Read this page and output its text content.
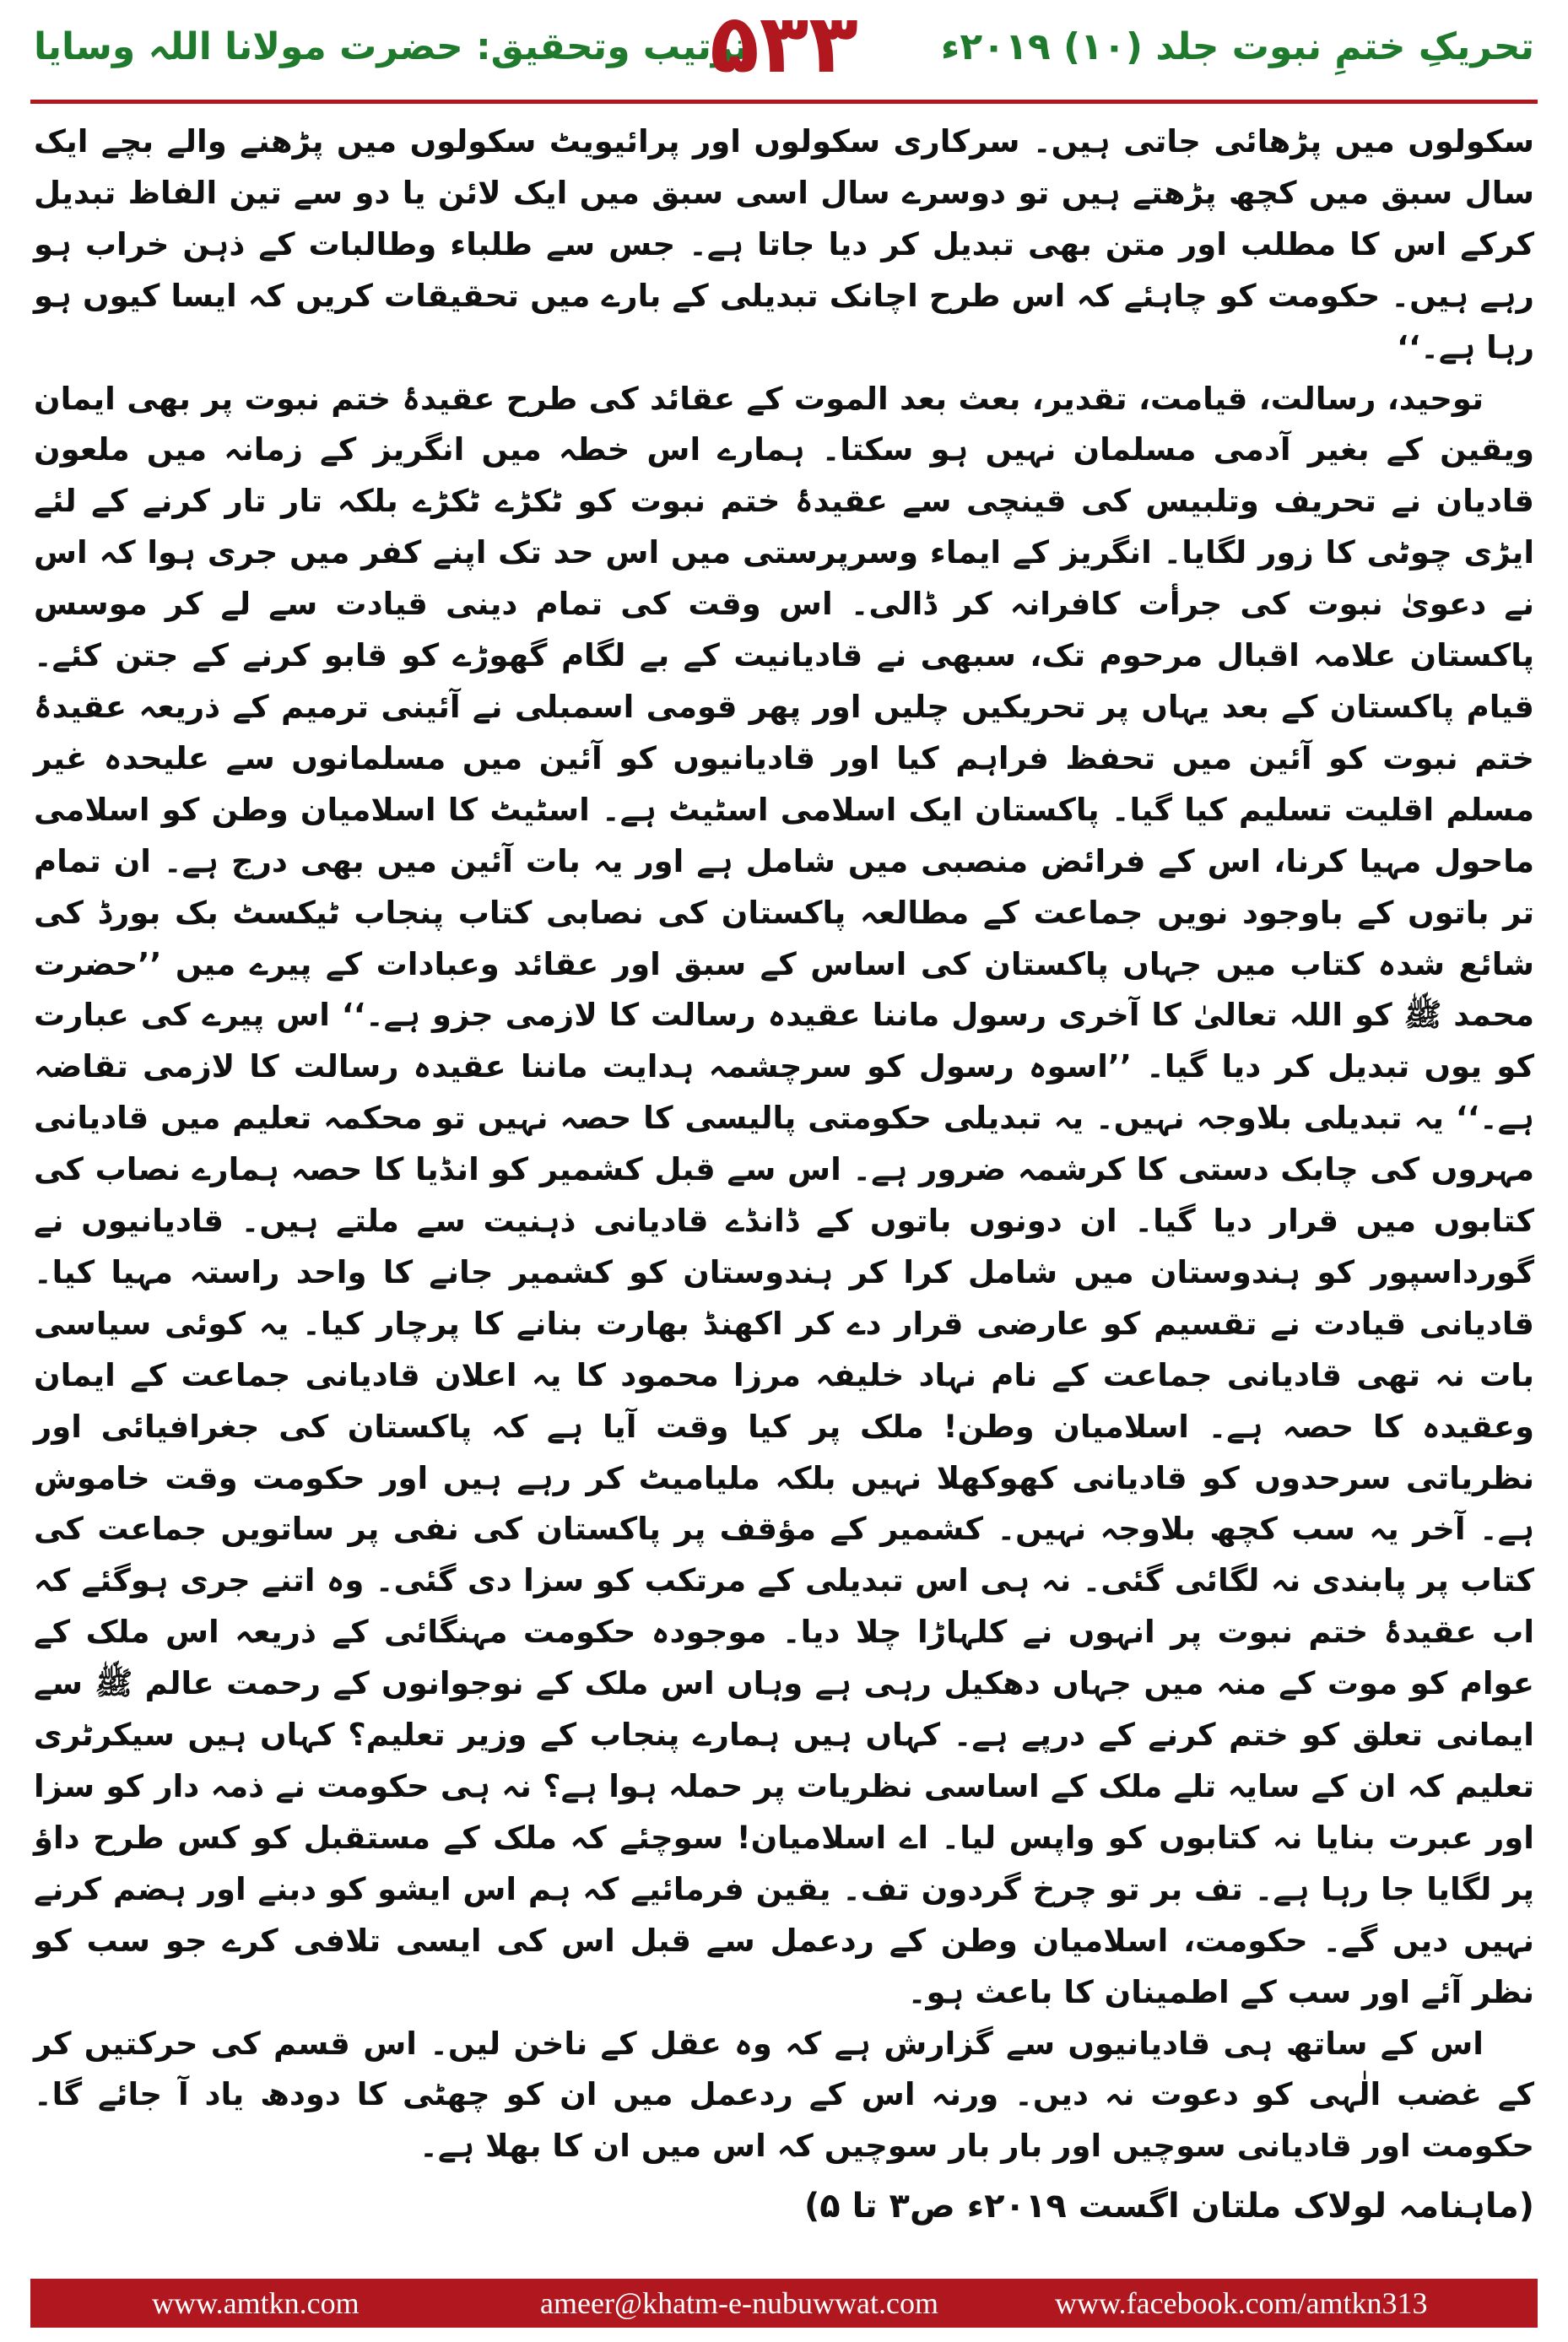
ترتیب وتحقیق: حضرت مولانا اللہ وسایا
۵۳۳	تحریکِ ختمِ نبوت جلد (۱۰) ۲۰۱۹ء

سکولوں میں پڑھائی جاتی ہیں۔ سرکاری سکولوں اور پرائیویٹ سکولوں میں پڑھنے والے بچے ایک سال سبق میں کچھ پڑھتے ہیں تو دوسرے سال اسی سبق میں ایک لائن یا دو سے تین الفاظ تبدیل کرکے اس کا مطلب اور متن بھی تبدیل کر دیا جاتا ہے۔ جس سے طلباء وطالبات کے ذہن خراب ہو رہے ہیں۔ حکومت کو چاہئے کہ اس طرح اچانک تبدیلی کے بارے میں تحقیقات کریں کہ ایسا کیوں ہو رہا ہے۔‘‘

توحید، رسالت، قیامت، تقدیر، بعث بعد الموت کے عقائد کی طرح عقیدۂ ختم نبوت پر بھی ایمان ویقین کے بغیر آدمی مسلمان نہیں ہو سکتا۔ ہمارے اس خطہ میں انگریز کے زمانہ میں ملعون قادیان نے تحریف وتلبیس کی قینچی سے عقیدۂ ختم نبوت کو ٹکڑے ٹکڑے بلکہ تار تار کرنے کے لئے ایڑی چوٹی کا زور لگایا۔ انگریز کے ایماء وسرپرستی میں اس حد تک اپنے کفر میں جری ہوا کہ اس نے دعویٰ نبوت کی جرأت کافرانہ کر ڈالی۔ اس وقت کی تمام دینی قیادت سے لے کر موسس پاکستان علامہ اقبال مرحوم تک، سبھی نے قادیانیت کے بے لگام گھوڑے کو قابو کرنے کے جتن کئے۔ قیام پاکستان کے بعد یہاں پر تحریکیں چلیں اور پھر قومی اسمبلی نے آئینی ترمیم کے ذریعہ عقیدۂ ختم نبوت کو آئین میں تحفظ فراہم کیا اور قادیانیوں کو آئین میں مسلمانوں سے علیحدہ غیر مسلم اقلیت تسلیم کیا گیا۔ پاکستان ایک اسلامی اسٹیٹ ہے۔ اسٹیٹ کا اسلامیان وطن کو اسلامی ماحول مہیا کرنا، اس کے فرائض منصبی میں شامل ہے اور یہ بات آئین میں بھی درج ہے۔ ان تمام تر باتوں کے باوجود نویں جماعت کے مطالعہ پاکستان کی نصابی کتاب پنجاب ٹیکسٹ بک بورڈ کی شائع شدہ کتاب میں جہاں پاکستان کی اساس کے سبق اور عقائد وعبادات کے پیرے میں ’’حضرت محمد ﷺ کو اللہ تعالیٰ کا آخری رسول ماننا عقیدہ رسالت کا لازمی جزو ہے۔‘‘ اس پیرے کی عبارت کو یوں تبدیل کر دیا گیا۔ ’’اسوہ رسول کو سرچشمہ ہدایت ماننا عقیدہ رسالت کا لازمی تقاضہ ہے۔‘‘ یہ تبدیلی بلاوجہ نہیں۔ یہ تبدیلی حکومتی پالیسی کا حصہ نہیں تو محکمہ تعلیم میں قادیانی مہروں کی چابک دستی کا کرشمہ ضرور ہے۔ اس سے قبل کشمیر کو انڈیا کا حصہ ہمارے نصاب کی کتابوں میں قرار دیا گیا۔ ان دونوں باتوں کے ڈانڈے قادیانی ذہنیت سے ملتے ہیں۔ قادیانیوں نے گورداسپور کو ہندوستان میں شامل کرا کر ہندوستان کو کشمیر جانے کا واحد راستہ مہیا کیا۔ قادیانی قیادت نے تقسیم کو عارضی قرار دے کر اکھنڈ بھارت بنانے کا پرچار کیا۔ یہ کوئی سیاسی بات نہ تھی قادیانی جماعت کے نام نہاد خلیفہ مرزا محمود کا یہ اعلان قادیانی جماعت کے ایمان وعقیدہ کا حصہ ہے۔ اسلامیان وطن! ملک پر کیا وقت آیا ہے کہ پاکستان کی جغرافیائی اور نظریاتی سرحدوں کو قادیانی کھوکھلا نہیں بلکہ ملیامیٹ کر رہے ہیں اور حکومت وقت خاموش ہے۔ آخر یہ سب کچھ بلاوجہ نہیں۔ کشمیر کے مؤقف پر پاکستان کی نفی پر ساتویں جماعت کی کتاب پر پابندی نہ لگائی گئی۔ نہ ہی اس تبدیلی کے مرتکب کو سزا دی گئی۔ وہ اتنے جری ہوگئے کہ اب عقیدۂ ختم نبوت پر انہوں نے کلہاڑا چلا دیا۔ موجودہ حکومت مہنگائی کے ذریعہ اس ملک کے عوام کو موت کے منہ میں جہاں دھکیل رہی ہے وہاں اس ملک کے نوجوانوں کے رحمت عالم ﷺ سے ایمانی تعلق کو ختم کرنے کے درپے ہے۔ کہاں ہیں ہمارے پنجاب کے وزیر تعلیم؟ کہاں ہیں سیکرٹری تعلیم کہ ان کے سایہ تلے ملک کے اساسی نظریات پر حملہ ہوا ہے؟ نہ ہی حکومت نے ذمہ دار کو سزا اور عبرت بنایا نہ کتابوں کو واپس لیا۔ اے اسلامیان! سوچئے کہ ملک کے مستقبل کو کس طرح داؤ پر لگایا جا رہا ہے۔ تف بر تو چرخ گردون تف۔ یقین فرمائیے کہ ہم اس ایشو کو دبنے اور ہضم کرنے نہیں دیں گے۔ حکومت، اسلامیان وطن کے ردعمل سے قبل اس کی ایسی تلافی کرے جو سب کو نظر آئے اور سب کے اطمینان کا باعث ہو۔

اس کے ساتھ ہی قادیانیوں سے گزارش ہے کہ وہ عقل کے ناخن لیں۔ اس قسم کی حرکتیں کر کے غضب الٰہی کو دعوت نہ دیں۔ ورنہ اس کے ردعمل میں ان کو چھٹی کا دودھ یاد آ جائے گا۔ حکومت اور قادیانی سوچیں اور بار بار سوچیں کہ اس میں ان کا بھلا ہے۔

(ماہنامہ لولاک ملتان اگست ۲۰۱۹ء ص۳ تا ۵)

www.amtkn.com	ameer@khatm-e-nubuwwat.com	www.facebook.com/amtkn313
